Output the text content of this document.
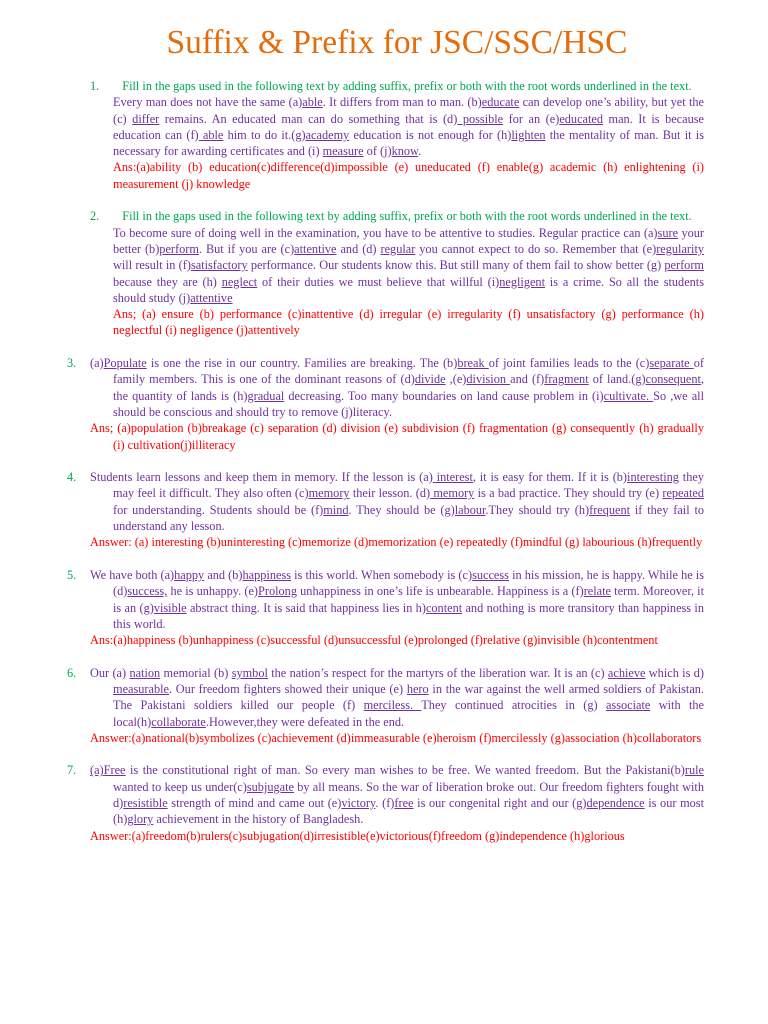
Suffix & Prefix for JSC/SSC/HSC

1. Fill in the gaps used in the following text by adding suffix, prefix or both with the root words underlined in the text.

Every man does not have the same (a)able. It differs from man to man. (b)educate can develop one’s ability, but yet the (c) differ remains. An educated man can do something that is (d) possible for an (e)educated man. It is because education can (f) able him to do it.(g)academy education is not enough for (h)lighten the mentality of man. But it is necessary for awarding certificates and (i) measure of (j)know.

Ans:(a)ability (b) education(c)difference(d)impossible (e) uneducated (f) enable(g) academic (h) enlightening (i) measurement (j) knowledge

2. Fill in the gaps used in the following text by adding suffix, prefix or both with the root words underlined in the text.

To become sure of doing well in the examination, you have to be attentive to studies. Regular practice can (a)sure your better (b)perform. But if you are (c)attentive and (d) regular you cannot expect to do so. Remember that (e)regularity will result in (f)satisfactory performance. Our students know this. But still many of them fail to show better (g) perform because they are (h) neglect of their duties we must believe that willful (i)negligent is a crime. So all the students should study (j)attentive

Ans; (a) ensure (b) performance (c)inattentive (d) irregular (e) irregularity (f) unsatisfactory (g) performance (h) neglectful (i) negligence (j)attentively

3. (a)Populate is one the rise in our country. Families are breaking. The (b)break of joint families leads to the (c)separate of family members. This is one of the dominant reasons of (d)divide ,(e)division and (f)fragment of land.(g)consequent, the quantity of lands is (h)gradual decreasing. Too many boundaries on land cause problem in (i)cultivate. So ,we all should be conscious and should try to remove (j)literacy.

Ans; (a)population (b)breakage (c) separation (d) division (e) subdivision (f) fragmentation (g) consequently (h) gradually (i) cultivation(j)illiteracy

4. Students learn lessons and keep them in memory. If the lesson is (a) interest, it is easy for them. If it is (b)interesting they may feel it difficult. They also often (c)memory their lesson. (d) memory is a bad practice. They should try (e) repeated for understanding. Students should be (f)mind. They should be (g)labour.They should try (h)frequent if they fail to understand any lesson.

Answer: (a) interesting (b)uninteresting (c)memorize (d)memorization (e) repeatedly (f)mindful (g) labourious (h)frequently

5. We have both (a)happy and (b)happiness is this world. When somebody is (c)success in his mission, he is happy. While he is (d)success, he is unhappy. (e)Prolong unhappiness in one’s life is unbearable. Happiness is a (f)relate term. Moreover, it is an (g)visible abstract thing. It is said that happiness lies in h)content and nothing is more transitory than happiness in this world.

Ans:(a)happiness (b)unhappiness (c)successful (d)unsuccessful (e)prolonged (f)relative (g)invisible (h)contentment

6. Our (a) nation memorial (b) symbol the nation’s respect for the martyrs of the liberation war. It is an (c) achieve which is d) measurable. Our freedom fighters showed their unique (e) hero in the war against the well armed soldiers of Pakistan. The Pakistani soldiers killed our people (f) merciless. They continued atrocities in (g) associate with the local(h)collaborate.However,they were defeated in the end.

Answer:(a)national(b)symbolizes (c)achievement (d)immeasurable (e)heroism (f)mercilessly (g)association (h)collaborators

7. (a)Free is the constitutional right of man. So every man wishes to be free. We wanted freedom. But the Pakistani(b)rule wanted to keep us under(c)subjugate by all means. So the war of liberation broke out. Our freedom fighters fought with d)resistible strength of mind and came out (e)victory. (f)free is our congenital right and our (g)dependence is our most (h)glory achievement in the history of Bangladesh.

Answer:(a)freedom(b)rulers(c)subjugation(d)irresistible(e)victorious(f)freedom (g)independence (h)glorious
